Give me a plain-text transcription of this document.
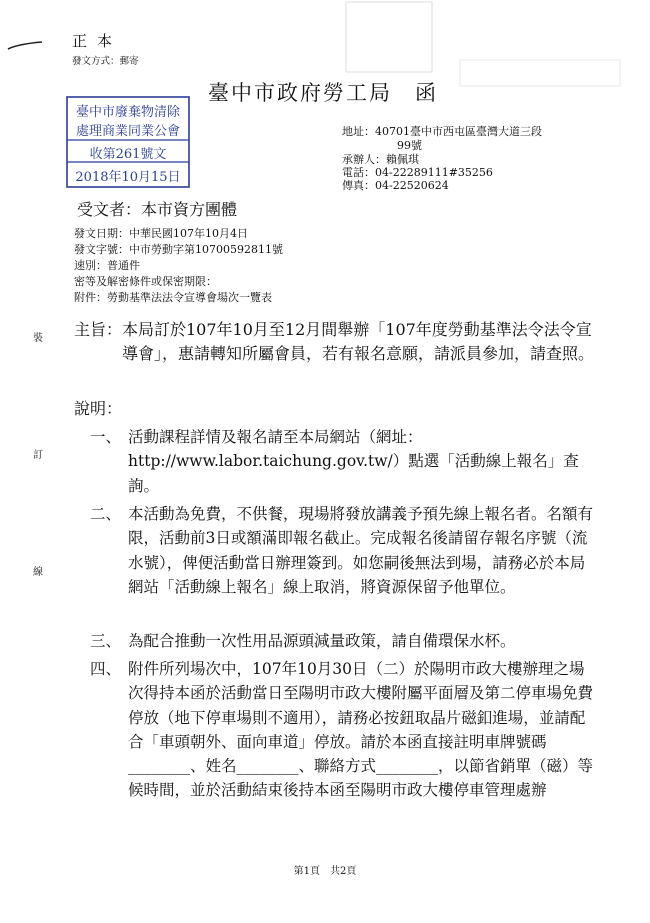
正本
發文方式：郵寄
臺中市政府勞工局　函
臺中市廢棄物清除
處理商業同業公會
收第261號文
2018年10月15日
地址：40701臺中市西屯區臺灣大道三段
99號
承辦人：賴佩琪
電話：04-22289111#35256
傳真：04-22520624
受文者：本市資方團體
發文日期：中華民國107年10月4日
發文字號：中市勞動字第10700592811號
速別：普通件
密等及解密條件或保密期限：
附件：勞動基準法法令宣導會場次一覽表
裝
訂
線
主旨： 本局訂於107年10月至12月間舉辦「107年度勞動基準法令法令宣導會」，惠請轉知所屬會員，若有報名意願，請派員參加，請查照。
說明：
一、 活動課程詳情及報名請至本局網站（網址：http://www.labor.taichung.gov.tw/）點選「活動線上報名」查詢。
二、 本活動為免費，不供餐，現場將發放講義予預先線上報名者。名額有限，活動前3日或額滿即報名截止。完成報名後請留存報名序號（流水號），俾便活動當日辦理簽到。如您嗣後無法到場，請務必於本局網站「活動線上報名」線上取消，將資源保留予他單位。
三、 為配合推動一次性用品源頭減量政策，請自備環保水杯。
四、 附件所列場次中，107年10月30日（二）於陽明市政大樓辦理之場次得持本函於活動當日至陽明市政大樓附屬平面層及第二停車場免費停放（地下停車場則不適用），請務必按鈕取晶片磁釦進場，並請配合「車頭朝外、面向車道」停放。請於本函直接註明車牌號碼________、姓名________、聯絡方式________，以節省銷單（磁）等候時間，並於活動結束後持本函至陽明市政大樓停車管理處辦
第1頁　共2頁
